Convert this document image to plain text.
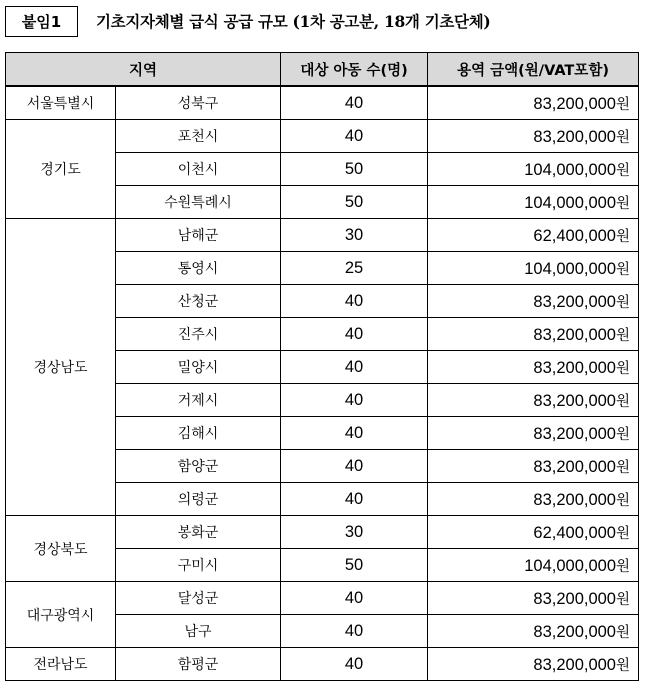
붙임1	기초지자체별 급식 공급 규모 (1차 공고분, 18개 기초단체)
지역		대상 아동 수(명)	용역 금액(원/VAT포함)
서울특별시	성북구	40	83,200,000원
경기도	포천시	40	83,200,000원
	이천시	50	104,000,000원
	수원특례시	50	104,000,000원
경상남도	남해군	30	62,400,000원
	통영시	25	104,000,000원
	산청군	40	83,200,000원
	진주시	40	83,200,000원
	밀양시	40	83,200,000원
	거제시	40	83,200,000원
	김해시	40	83,200,000원
	함양군	40	83,200,000원
	의령군	40	83,200,000원
경상북도	봉화군	30	62,400,000원
	구미시	50	104,000,000원
대구광역시	달성군	40	83,200,000원
	남구	40	83,200,000원
전라남도	함평군	40	83,200,000원
